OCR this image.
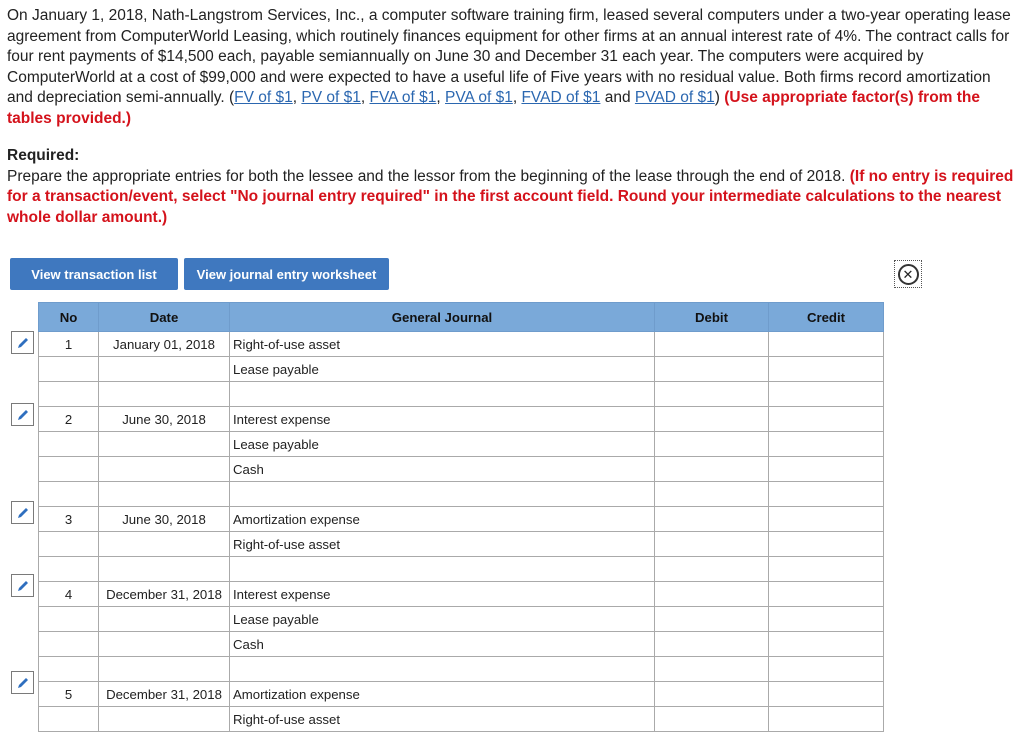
On January 1, 2018, Nath-Langstrom Services, Inc., a computer software training firm, leased several computers under a two-year operating lease agreement from ComputerWorld Leasing, which routinely finances equipment for other firms at an annual interest rate of 4%. The contract calls for four rent payments of $14,500 each, payable semiannually on June 30 and December 31 each year. The computers were acquired by ComputerWorld at a cost of $99,000 and were expected to have a useful life of Five years with no residual value. Both firms record amortization and depreciation semi-annually. (FV of $1, PV of $1, FVA of $1, PVA of $1, FVAD of $1 and PVAD of $1) (Use appropriate factor(s) from the tables provided.)
Required:
Prepare the appropriate entries for both the lessee and the lessor from the beginning of the lease through the end of 2018. (If no entry is required for a transaction/event, select "No journal entry required" in the first account field. Round your intermediate calculations to the nearest whole dollar amount.)
View transaction list	View journal entry worksheet	✕
No	Date	General Journal	Debit	Credit
1	January 01, 2018	Right-of-use asset		
		Lease payable		

2	June 30, 2018	Interest expense		
		Lease payable		
		Cash		

3	June 30, 2018	Amortization expense		
		Right-of-use asset		

4	December 31, 2018	Interest expense		
		Lease payable		
		Cash		

5	December 31, 2018	Amortization expense		
		Right-of-use asset		
